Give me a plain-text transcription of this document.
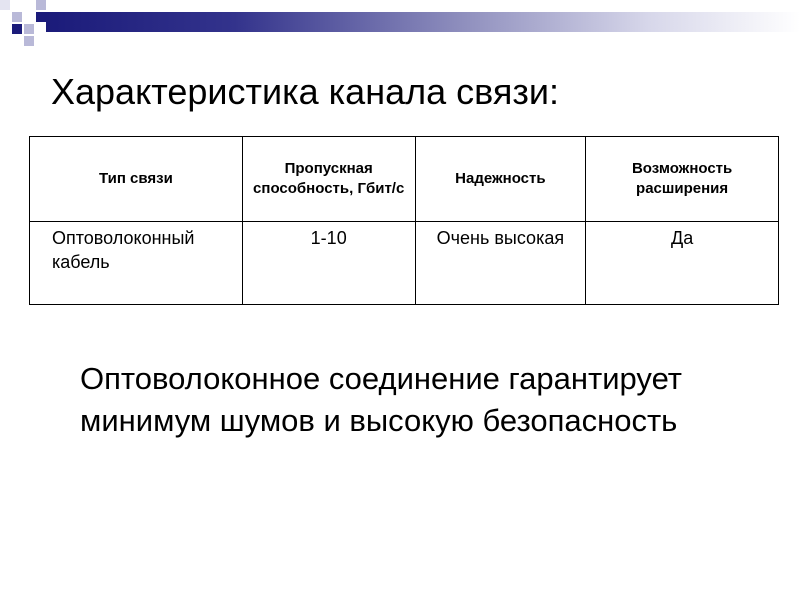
Характеристика канала связи:
Тип связи	Пропускная способность, Гбит/с	Надежность	Возможность расширения
Оптоволоконный кабель	1-10	Очень высокая	Да

Оптоволоконное соединение гарантирует минимум шумов и высокую безопасность
